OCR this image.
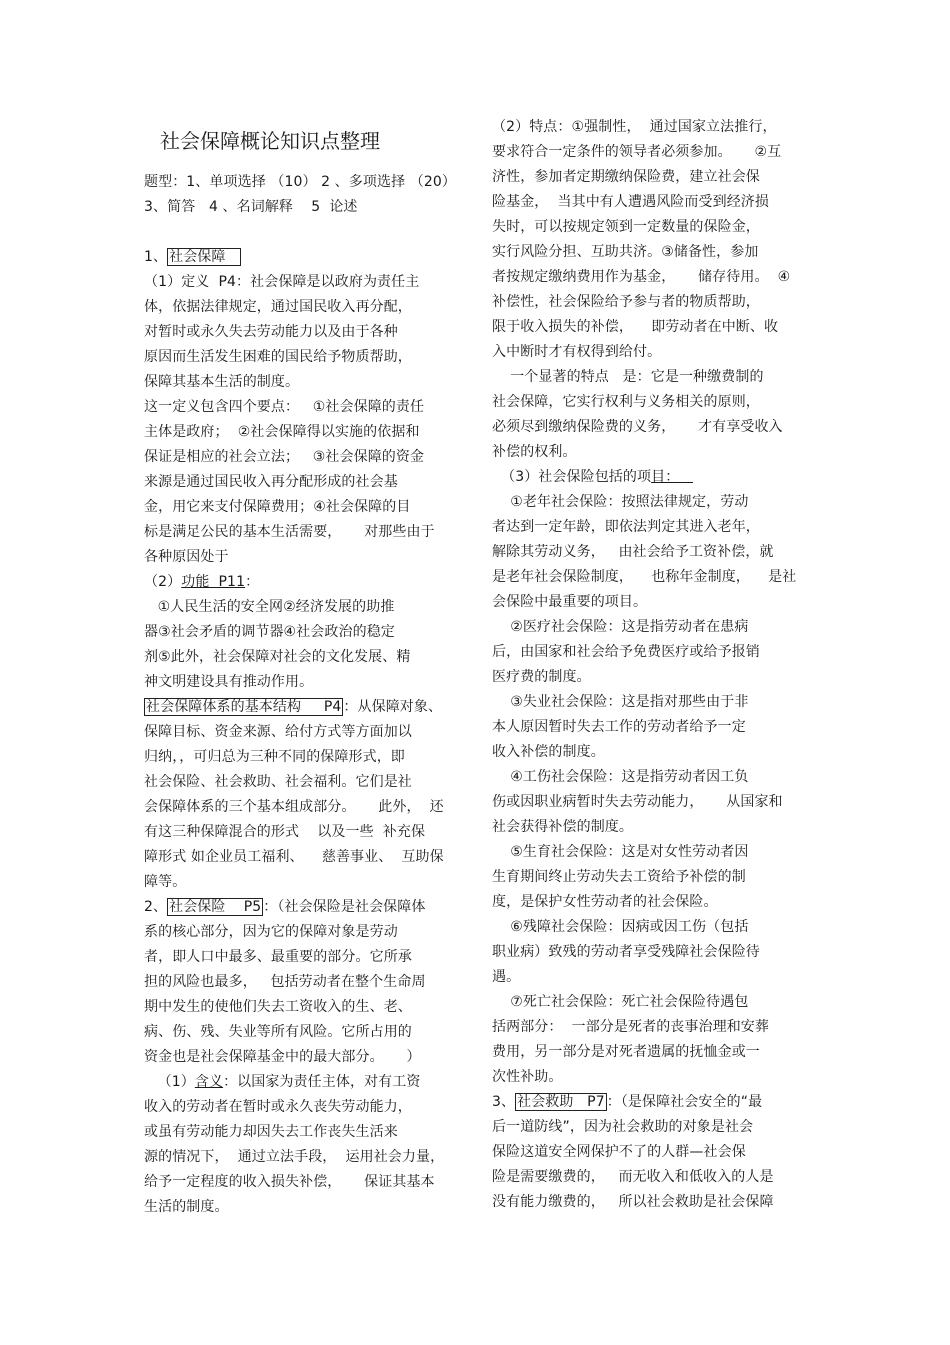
社会保障概论知识点整理
题型：1、单项选择 （10） 2 、多项选择 （20）
3、简答   4 、名词解释    5  论述
1、 社会保障
（1）定义  P4：社会保障是以政府为责任主
体，依据法律规定，通过国民收入再分配，
对暂时或永久失去劳动能力以及由于各种
原因而生活发生困难的国民给予物质帮助，
保障其基本生活的制度。
这一定义包含四个要点：   ①社会保障的责任
主体是政府；  ②社会保障得以实施的依据和
保证是相应的社会立法；   ③社会保障的资金
来源是通过国民收入再分配形成的社会基
金，用它来支付保障费用；④社会保障的目
标是满足公民的基本生活需要，     对那些由于
各种原因处于
（2）功能  P11：
①人民生活的安全网②经济发展的助推
器③社会矛盾的调节器④社会政治的稳定
剂⑤此外，社会保障对社会的文化发展、精
神文明建设具有推动作用。
社会保障体系的基本结构     P4 ：从保障对象、
保障目标、资金来源、给付方式等方面加以
归纳，，可归总为三种不同的保障形式，即
社会保险、社会救助、社会福利。它们是社
会保障体系的三个基本组成部分。     此外，  还
有这三种保障混合的形式    以及一些  补充保
障形式 如企业员工福利、    慈善事业、  互助保
障等。
2、 社会保险    P5 ：（社会保险是社会保障体
系的核心部分，因为它的保障对象是劳动
者，即人口中最多、最重要的部分。它所承
担的风险也最多，   包括劳动者在整个生命周
期中发生的使他们失去工资收入的生、老、
病、伤、残、失业等所有风险。它所占用的
资金也是社会保障基金中的最大部分。     ）
（1）含义：以国家为责任主体，对有工资
收入的劳动者在暂时或永久丧失劳动能力，
或虽有劳动能力却因失去工作丧失生活来
源的情况下，  通过立法手段，  运用社会力量，
给予一定程度的收入损失补偿，     保证其基本
生活的制度。
（2）特点：①强制性，  通过国家立法推行，
要求符合一定条件的领导者必须参加。     ②互
济性，参加者定期缴纳保险费，建立社会保
险基金，  当其中有人遭遇风险而受到经济损
失时，可以按规定领到一定数量的保险金，
实行风险分担、互助共济。③储备性，参加
者按规定缴纳费用作为基金，     储存待用。  ④
补偿性，社会保险给予参与者的物质帮助，
限于收入损失的补偿，    即劳动者在中断、收
入中断时才有权得到给付。
一个显著的特点   是：它是一种缴费制的
社会保障，它实行权利与义务相关的原则，
必须尽到缴纳保险费的义务，     才有享受收入
补偿的权利。
（3）社会保险包括的项目：
①老年社会保险：按照法律规定，劳动
者达到一定年龄，即依法判定其进入老年，
解除其劳动义务，   由社会给予工资补偿，就
是老年社会保险制度，    也称年金制度，    是社
会保险中最重要的项目。
②医疗社会保险：这是指劳动者在患病
后，由国家和社会给予免费医疗或给予报销
医疗费的制度。
③失业社会保险：这是指对那些由于非
本人原因暂时失去工作的劳动者给予一定
收入补偿的制度。
④工伤社会保险：这是指劳动者因工负
伤或因职业病暂时失去劳动能力，     从国家和
社会获得补偿的制度。
⑤生育社会保险：这是对女性劳动者因
生育期间终止劳动失去工资给予补偿的制
度，是保护女性劳动者的社会保险。
⑥残障社会保险：因病或因工伤（包括
职业病）致残的劳动者享受残障社会保险待
遇。
⑦死亡社会保险：死亡社会保险待遇包
括两部分：  一部分是死者的丧事治理和安葬
费用，另一部分是对死者遗属的抚恤金或一
次性补助。
3、 社会救助   P7 ：（是保障社会安全的“最
后一道防线”，因为社会救助的对象是社会
保险这道安全网保护不了的人群—社会保
险是需要缴费的，   而无收入和低收入的人是
没有能力缴费的，   所以社会救助是社会保障
